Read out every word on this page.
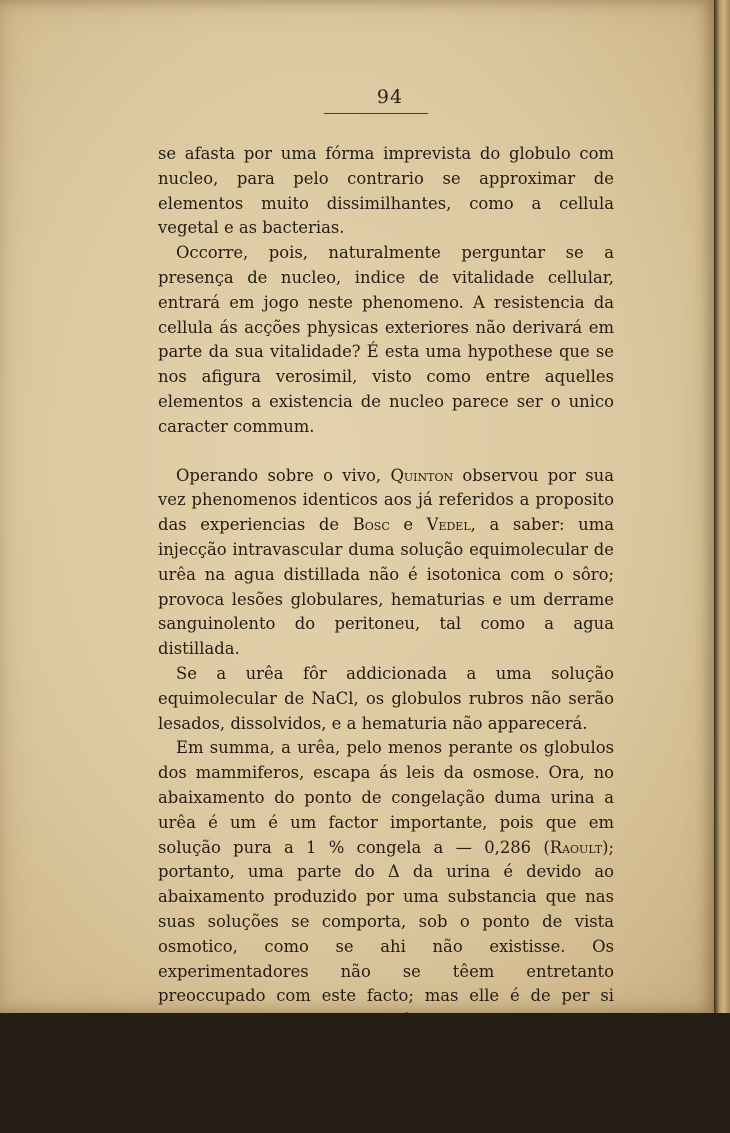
94

se afasta por uma fórma imprevista do globulo com nucleo, para pelo contrario se approximar de elementos muito dissimilhantes, como a cellula vegetal e as bacterias.

Occorre, pois, naturalmente perguntar se a presença de nucleo, indice de vitalidade cellular, entrará em jogo neste phenomeno. A resistencia da cellula ás acções physicas exteriores não derivará em parte da sua vitalidade? É esta uma hypothese que se nos afigura verosimil, visto como entre aquelles elementos a existencia de nucleo parece ser o unico caracter commum.

Operando sobre o vivo, Quinton observou por sua vez phenomenos identicos aos já referidos a proposito das experiencias de Bosc e Vedel, a saber: uma injecção intravascular duma solução equimolecular de urêa na agua distillada não é isotonica com o sôro; provoca lesões globulares, hematurias e um derrame sanguinolento do peritoneu, tal como a agua distillada.

Se a urêa fôr addicionada a uma solução equimolecular de NaCl, os globulos rubros não serão lesados, dissolvidos, e a hematuria não apparecerá.

Em summa, a urêa, pelo menos perante os globulos dos mammiferos, escapa ás leis da osmose. Ora, no abaixamento do ponto de congelação duma urina a urêa é um é um factor importante, pois que em solução pura a 1 % congela a — 0,286 (Raoult); portanto, uma parte do Δ da urina é devido ao abaixamento produzido por uma substancia que nas suas soluções se comporta, sob o ponto de vista osmotico, como se ahi não existisse. Os experimentadores não se têem entretanto preoccupado com este facto; mas elle é de per si sufficiente para nos fazer vêr que uma urina e um sôro que tiverem o mesmo Δ não poderão ser isotonicos. Vamos mesmo mostrar como a diluição, longe de corrigir o erro devido á osmonocividade, póde accentua-lo.
